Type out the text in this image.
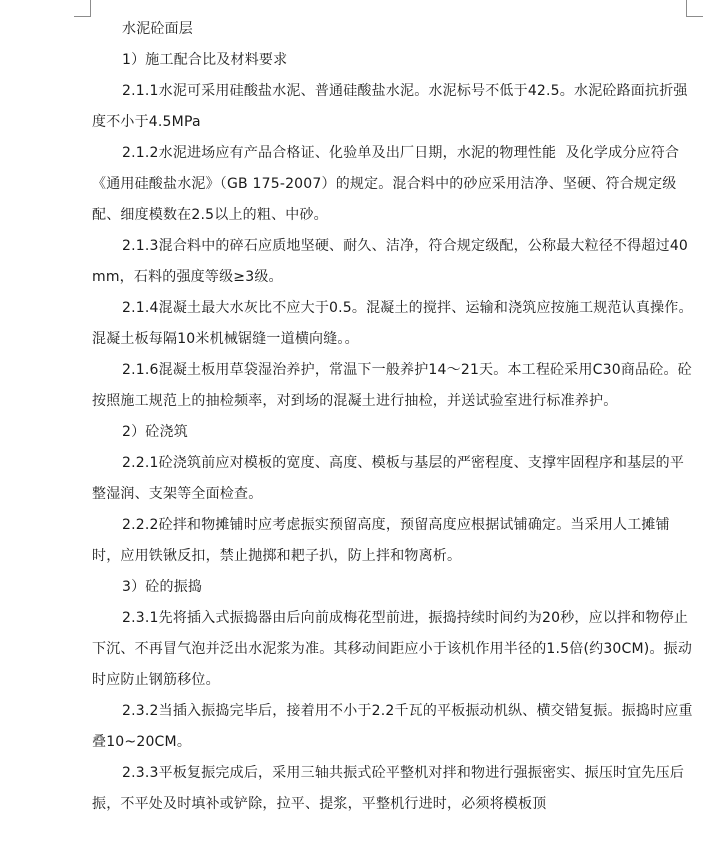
水泥砼面层

1）施工配合比及材料要求

2.1.1水泥可采用硅酸盐水泥、普通硅酸盐水泥。水泥标号不低于42.5。水泥砼路面抗折强度不小于4.5MPa

2.1.2水泥进场应有产品合格证、化验单及出厂日期，水泥的物理性能  及化学成分应符合《通用硅酸盐水泥》（GB 175-2007）的规定。混合料中的砂应采用洁净、坚硬、符合规定级配、细度模数在2.5以上的粗、中砂。

2.1.3混合料中的碎石应质地坚硬、耐久、洁净，符合规定级配，公称最大粒径不得超过40mm，石料的强度等级≥3级。

2.1.4混凝土最大水灰比不应大于0.5。混凝土的搅拌、运输和浇筑应按施工规范认真操作。混凝土板每隔10米机械锯缝一道横向缝。。

2.1.6混凝土板用草袋湿治养护，常温下一般养护14～21天。本工程砼采用C30商品砼。砼按照施工规范上的抽检频率，对到场的混凝土进行抽检，并送试验室进行标准养护。

2）砼浇筑

2.2.1砼浇筑前应对模板的宽度、高度、模板与基层的严密程度、支撑牢固程序和基层的平整湿润、支架等全面检查。

2.2.2砼拌和物摊铺时应考虑振实预留高度，预留高度应根据试铺确定。当采用人工摊铺时，应用铁锹反扣，禁止抛掷和耙子扒，防上拌和物离析。

3）砼的振捣

2.3.1先将插入式振捣器由后向前成梅花型前进，振捣持续时间约为20秒，应以拌和物停止下沉、不再冒气泡并泛出水泥浆为准。其移动间距应小于该机作用半径的1.5倍(约30CM)。振动时应防止钢筋移位。

2.3.2当插入振捣完毕后，接着用不小于2.2千瓦的平板振动机纵、横交错复振。振捣时应重叠10~20CM。

2.3.3平板复振完成后，采用三轴共振式砼平整机对拌和物进行强振密实、振压时宜先压后振，不平处及时填补或铲除，拉平、提浆，平整机行进时，必须将模板顶
